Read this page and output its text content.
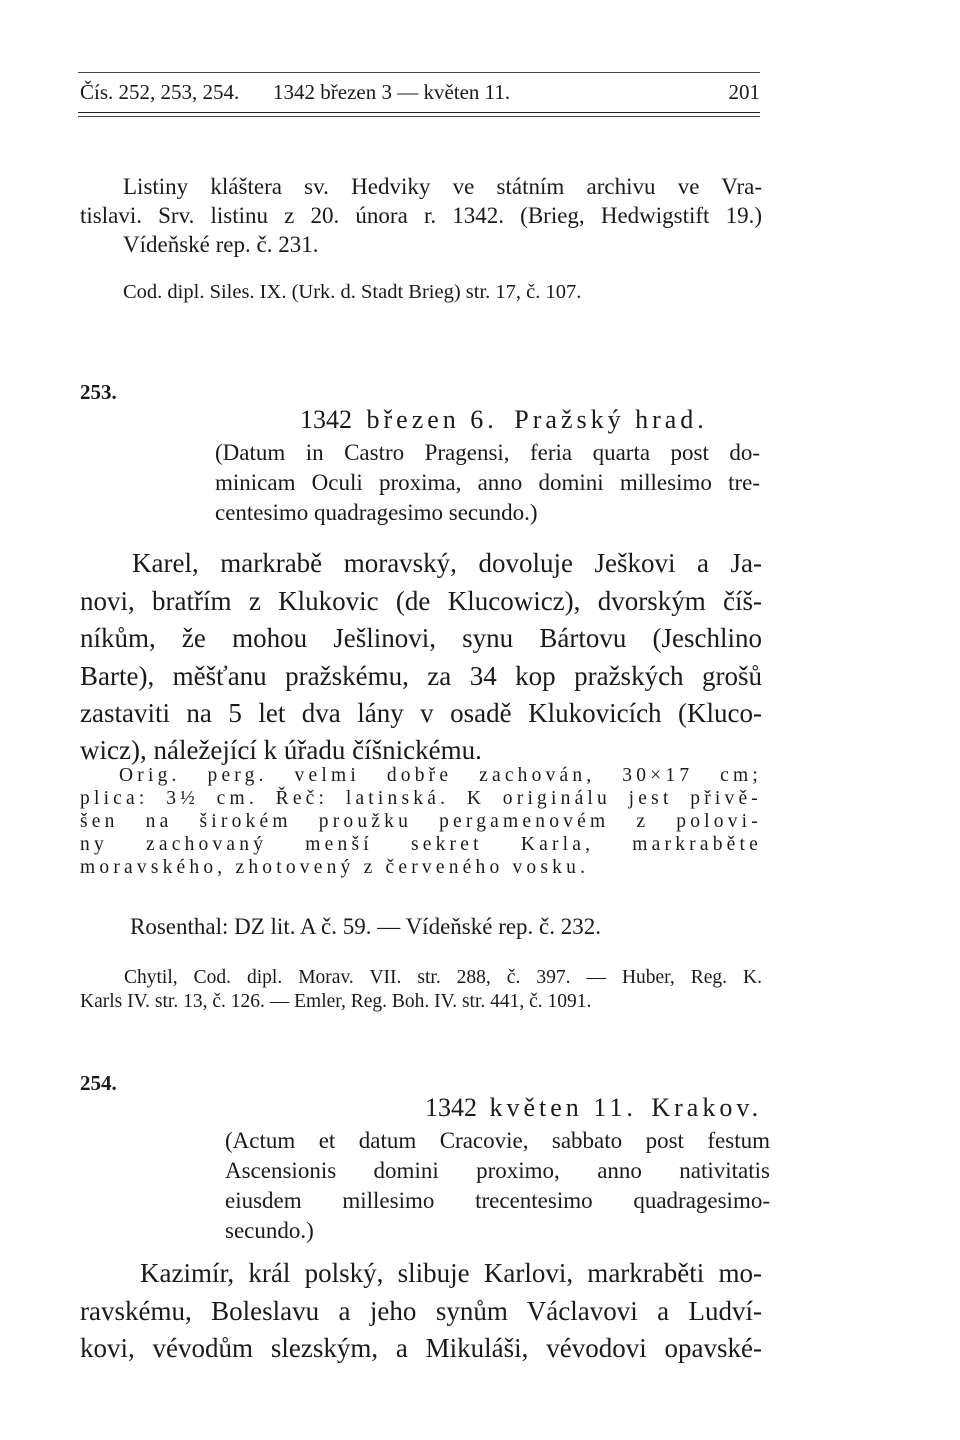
Čís. 252, 253, 254. 1342 březen 3 — květen 11.	201
Listiny kláštera sv. Hedviky ve státním archivu ve Vra-
tislavi. Srv. listinu z 20. února r. 1342. (Brieg, Hedwigstift 19.)
Vídeňské rep. č. 231.
Cod. dipl. Siles. IX. (Urk. d. Stadt Brieg) str. 17, č. 107.
253.
1342 březen 6. Pražský hrad.
(Datum in Castro Pragensi, feria quarta post do-
minicam Oculi proxima, anno domini millesimo tre-
centesimo quadragesimo secundo.)
Karel, markrabě moravský, dovoluje Ješkovi a Ja-
novi, bratřím z Klukovic (de Klucowicz), dvorským číš-
níkům, že mohou Ješlinovi, synu Bártovu (Jeschlino
Barte), měšťanu pražskému, za 34 kop pražských grošů
zastaviti na 5 let dva lány v osadě Klukovicích (Kluco-
wicz), náležející k úřadu číšnickému.
Orig. perg. velmi dobře zachován, 30×17 cm;
plica: 3½ cm. Řeč: latinská. K originálu jest přivě-
šen na širokém proužku pergamenovém z polovi-
ny zachovaný menší sekret Karla, markraběte
moravského, zhotovený z červeného vosku.
Rosenthal: DZ lit. A č. 59. — Vídeňské rep. č. 232.
Chytil, Cod. dipl. Morav. VII. str. 288, č. 397. — Huber, Reg. K.
Karls IV. str. 13, č. 126. — Emler, Reg. Boh. IV. str. 441, č. 1091.
254.
1342 květen 11. Krakov.
(Actum et datum Cracovie, sabbato post festum
Ascensionis domini proximo, anno nativitatis
eiusdem millesimo trecentesimo quadragesimo-
secundo.)
Kazimír, král polský, slibuje Karlovi, markraběti mo-
ravskému, Boleslavu a jeho synům Václavovi a Ludví-
kovi, vévodům slezským, a Mikuláši, vévodovi opavské-
